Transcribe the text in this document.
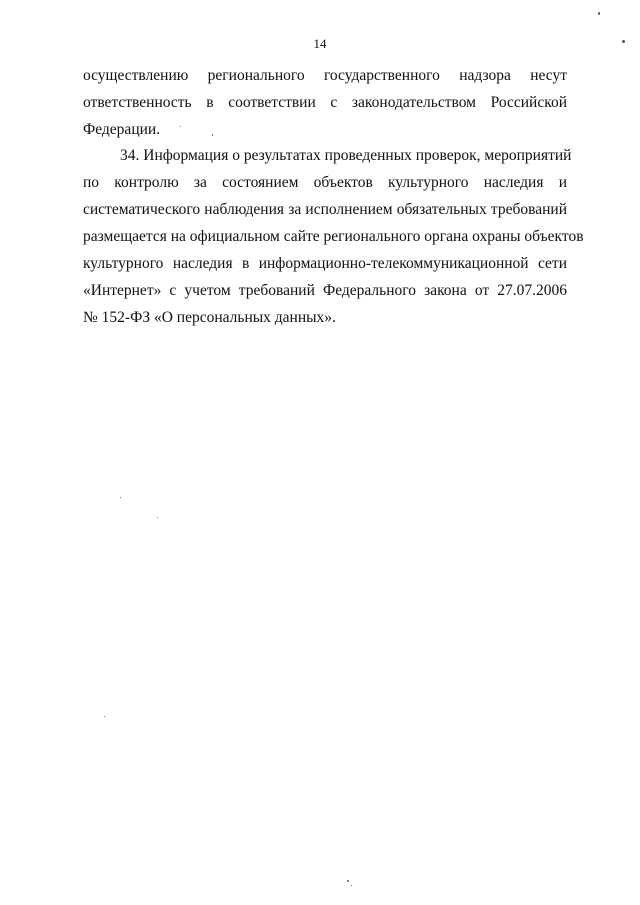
14
осуществлению регионального государственного надзора несут
ответственность в соответствии с законодательством Российской
Федерации.
34. Информация о результатах проведенных проверок, мероприятий
по контролю за состоянием объектов культурного наследия и
систематического наблюдения за исполнением обязательных требований
размещается на официальном сайте регионального органа охраны объектов
культурного наследия в информационно-телекоммуникационной сети
«Интернет» с учетом требований Федерального закона от 27.07.2006
№ 152-ФЗ «О персональных данных».
